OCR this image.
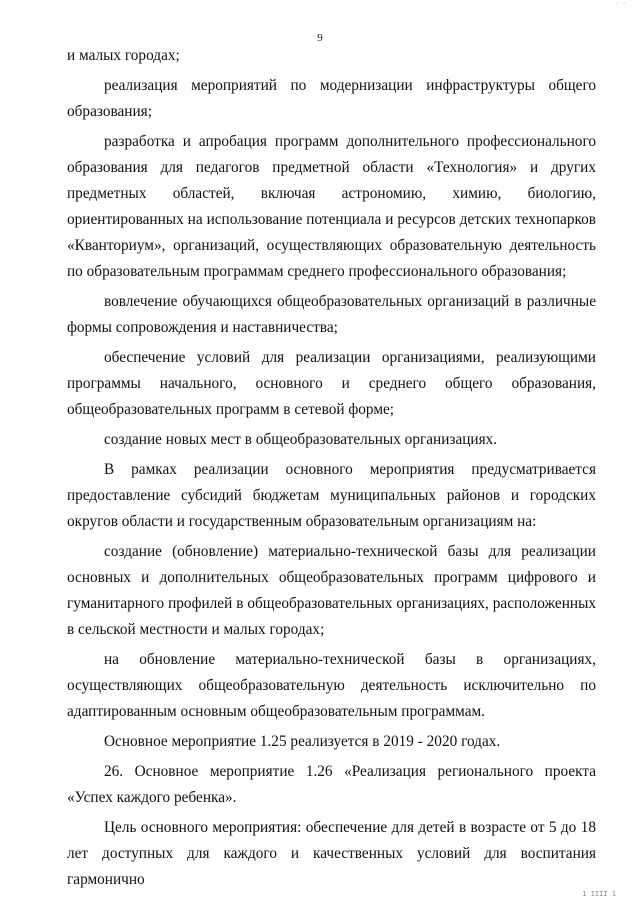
· ·
9

и малых городах;

реализация мероприятий по модернизации инфраструктуры общего образования;

разработка и апробация программ дополнительного профессионального образования для педагогов предметной области «Технология» и других предметных областей, включая астрономию, химию, биологию, ориентированных на использование потенциала и ресурсов детских технопарков «Кванториум», организаций, осуществляющих образовательную деятельность по образовательным программам среднего профессионального образования;

вовлечение обучающихся общеобразовательных организаций в различные формы сопровождения и наставничества;

обеспечение условий для реализации организациями, реализующими программы начального, основного и среднего общего образования, общеобразовательных программ в сетевой форме;

создание новых мест в общеобразовательных организациях.

В рамках реализации основного мероприятия предусматривается предоставление субсидий бюджетам муниципальных районов и городских округов области и государственным образовательным организациям на:

создание (обновление) материально-технической базы для реализации основных и дополнительных общеобразовательных программ цифрового и гуманитарного профилей в общеобразовательных организациях, расположенных в сельской местности и малых городах;

на обновление материально-технической базы в организациях, осуществляющих общеобразовательную деятельность исключительно по адаптированным основным общеобразовательным программам.

Основное мероприятие 1.25 реализуется в 2019 - 2020 годах.

26. Основное мероприятие 1.26 «Реализация регионального проекта «Успех каждого ребенка».

Цель основного мероприятия: обеспечение для детей в возрасте от 5 до 18 лет доступных для каждого и качественных условий для воспитания гармонично

1 ІІІІ 1
